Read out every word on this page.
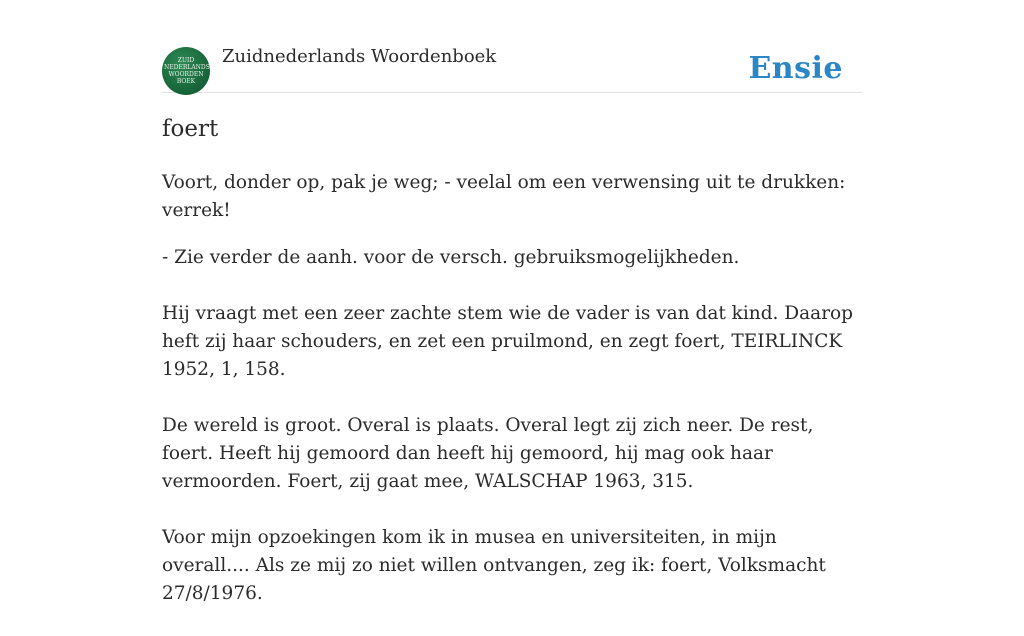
ZUID
NEDERLANDS
WOORDEN
BOEK
Zuidnederlands Woordenboek	Ensie
foert

Voort, donder op, pak je weg; - veelal om een verwensing uit te drukken: verrek!

- Zie verder de aanh. voor de versch. gebruiksmogelijkheden.

Hij vraagt met een zeer zachte stem wie de vader is van dat kind. Daarop heft zij haar schouders, en zet een pruilmond, en zegt foert, TEIRLINCK 1952, 1, 158.

De wereld is groot. Overal is plaats. Overal legt zij zich neer. De rest, foert. Heeft hij gemoord dan heeft hij gemoord, hij mag ook haar vermoorden. Foert, zij gaat mee, WALSCHAP 1963, 315.

Voor mijn opzoekingen kom ik in musea en universiteiten, in mijn overall.... Als ze mij zo niet willen ontvangen, zeg ik: foert, Volksmacht 27/8/1976.
